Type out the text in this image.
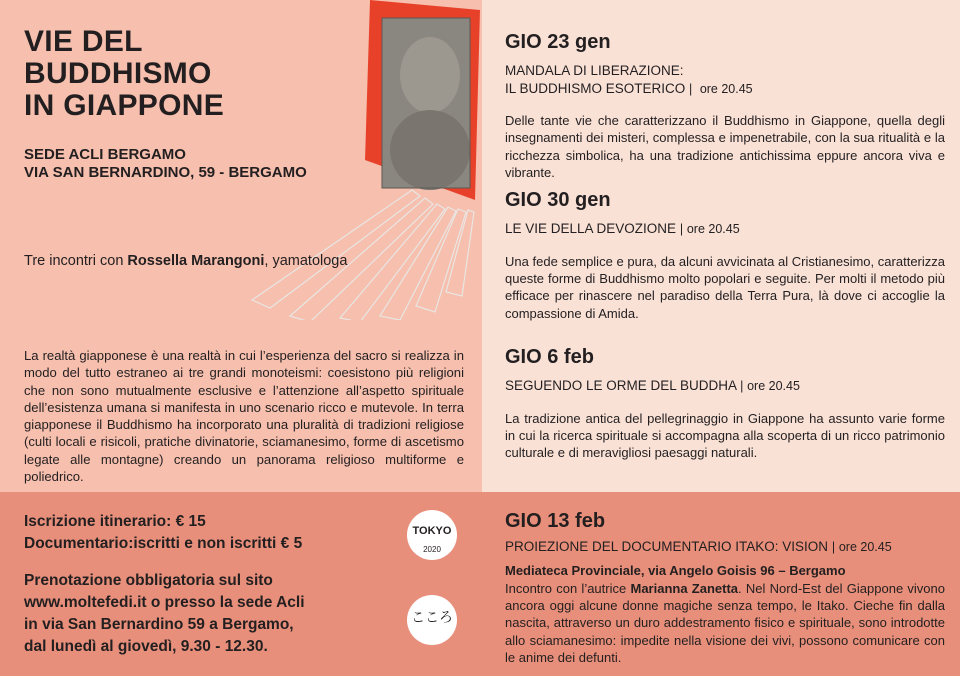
VIE DEL
BUDDHISMO
IN GIAPPONE
SEDE ACLI BERGAMO
VIA SAN BERNARDINO, 59 - BERGAMO
Tre incontri con Rossella Marangoni, yamatologa
La realtà giapponese è una realtà in cui l’esperienza del sacro si realizza in modo del tutto estraneo ai tre grandi monoteismi: coesistono più religioni che non sono mutualmente esclusive e l’attenzione all’aspetto spirituale dell’esistenza umana si manifesta in uno scenario ricco e mutevole. In terra giapponese il Buddhismo ha incorporato una pluralità di tradizioni religiose (culti locali e risicoli, pratiche divinatorie, sciamanesimo, forme di ascetismo legate alle montagne) creando un panorama religioso multiforme e poliedrico.
GIO 23 gen
MANDALA DI LIBERAZIONE:
IL BUDDHISMO ESOTERICO | ore 20.45
Delle tante vie che caratterizzano il Buddhismo in Giappone, quella degli insegnamenti dei misteri, complessa e impenetrabile, con la sua ritualità e la ricchezza simbolica, ha una tradizione antichissima eppure ancora viva e vibrante.
GIO 30 gen
LE VIE DELLA DEVOZIONE | ore 20.45
Una fede semplice e pura, da alcuni avvicinata al Cristianesimo, caratterizza queste forme di Buddhismo molto popolari e seguite. Per molti il metodo più efficace per rinascere nel paradiso della Terra Pura, là dove ci accoglie la compassione di Amida.
GIO 6 feb
SEGUENDO LE ORME DEL BUDDHA | ore 20.45
La tradizione antica del pellegrinaggio in Giappone ha assunto varie forme in cui la ricerca spirituale si accompagna alla scoperta di un ricco patrimonio culturale e di meravigliosi paesaggi naturali.
GIO 13 feb
PROIEZIONE DEL DOCUMENTARIO ITAKO: VISION | ore 20.45
Mediateca Provinciale, via Angelo Goisis 96 – Bergamo
Incontro con l’autrice Marianna Zanetta. Nel Nord-Est del Giappone vivono ancora oggi alcune donne magiche senza tempo, le Itako. Cieche fin dalla nascita, attraverso un duro addestramento fisico e spirituale, sono introdotte allo sciamanesimo: impedite nella visione dei vivi, possono comunicare con le anime dei defunti.
Iscrizione itinerario: € 15
Documentario:iscritti e non iscritti € 5
Prenotazione obbligatoria sul sito
www.moltefedi.it o presso la sede Acli
in via San Bernardino 59 a Bergamo,
dal lunedì al giovedì, 9.30 - 12.30.
TOKYO
2020
こころ
